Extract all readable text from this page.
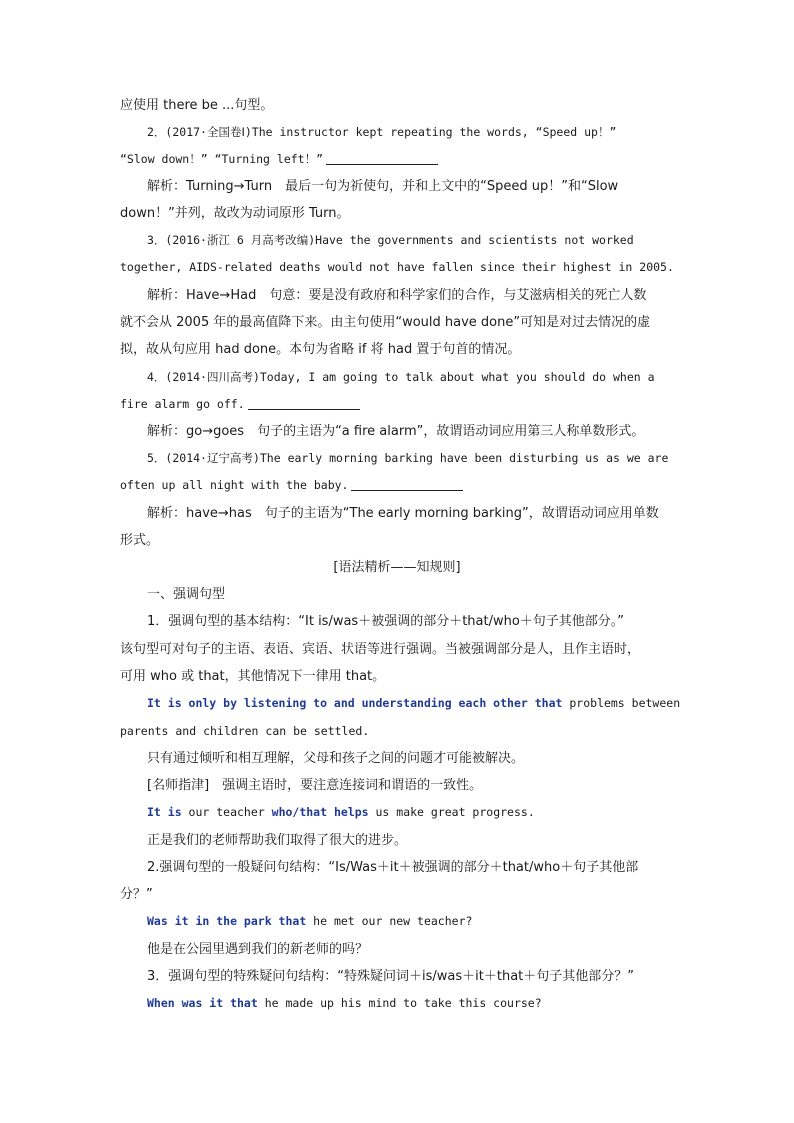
应使用 there be ...句型。
2．(2017·全国卷Ⅰ)The instructor kept repeating the words, “Speed up！”
“Slow down！” “Turning left！”
解析：Turning→Turn　最后一句为祈使句，并和上文中的“Speed up！”和“Slow
down！”并列，故改为动词原形 Turn。
3．(2016·浙江 6 月高考改编)Have the governments and scientists not worked
together, AIDS-related deaths would not have fallen since their highest in 2005.
解析：Have→Had　句意：要是没有政府和科学家们的合作，与艾滋病相关的死亡人数
就不会从 2005 年的最高值降下来。由主句使用“would have done”可知是对过去情况的虚
拟，故从句应用 had done。本句为省略 if 将 had 置于句首的情况。
4．(2014·四川高考)Today, I am going to talk about what you should do when a
fire alarm go off.
解析：go→goes　句子的主语为“a fire alarm”，故谓语动词应用第三人称单数形式。
5．(2014·辽宁高考)The early morning barking have been disturbing us as we are
often up all night with the baby.
解析：have→has　句子的主语为“The early morning barking”，故谓语动词应用单数
形式。
[语法精析——知规则]
一、强调句型
1．强调句型的基本结构：“It is/was＋被强调的部分＋that/who＋句子其他部分。”
该句型可对句子的主语、表语、宾语、状语等进行强调。当被强调部分是人，且作主语时，
可用 who 或 that，其他情况下一律用 that。
It is only by listening to and understanding each other that problems between
parents and children can be settled.
只有通过倾听和相互理解，父母和孩子之间的问题才可能被解决。
[名师指津]　强调主语时，要注意连接词和谓语的一致性。
It is our teacher who/that helps us make great progress.
正是我们的老师帮助我们取得了很大的进步。
2.强调句型的一般疑问句结构：“Is/Was＋it＋被强调的部分＋that/who＋句子其他部
分？”
Was it in the park that he met our new teacher?
他是在公园里遇到我们的新老师的吗？
3．强调句型的特殊疑问句结构：“特殊疑问词＋is/was＋it＋that＋句子其他部分？”
When was it that he made up his mind to take this course?
